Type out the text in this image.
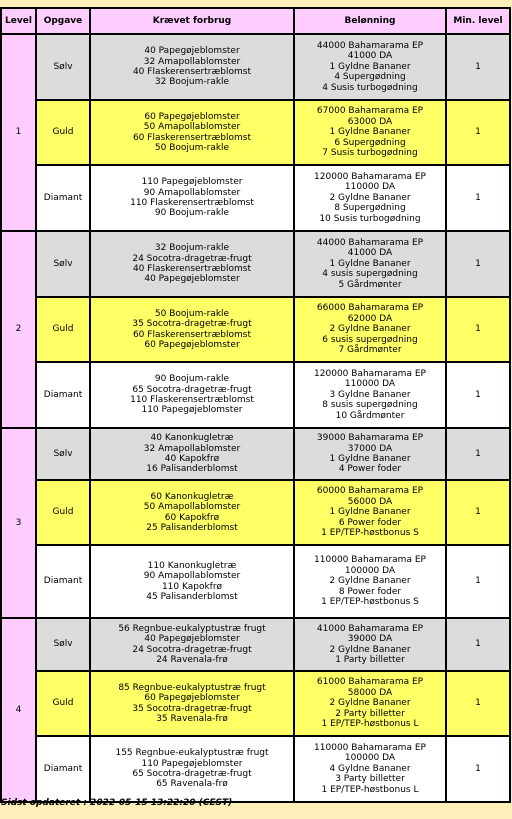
Level	Opgave	Krævet forbrug	Belønning	Min. level
1	Sølv	40 Papegøjeblomster
32 Amapollablomster
40 Flaskerensertræblomst
32 Boojum-rakle	44000 Bahamarama EP
41000 DA
1 Gyldne Bananer
4 Supergødning
4 Susis turbogødning	1
	Guld	60 Papegøjeblomster
50 Amapollablomster
60 Flaskerensertræblomst
50 Boojum-rakle	67000 Bahamarama EP
63000 DA
1 Gyldne Bananer
6 Supergødning
7 Susis turbogødning	1
	Diamant	110 Papegøjeblomster
90 Amapollablomster
110 Flaskerensertræblomst
90 Boojum-rakle	120000 Bahamarama EP
110000 DA
2 Gyldne Bananer
8 Supergødning
10 Susis turbogødning	1
2	Sølv	32 Boojum-rakle
24 Socotra-dragetræ-frugt
40 Flaskerensertræblomst
40 Papegøjeblomster	44000 Bahamarama EP
41000 DA
1 Gyldne Bananer
4 susis supergødning
5 Gårdmønter	1
	Guld	50 Boojum-rakle
35 Socotra-dragetræ-frugt
60 Flaskerensertræblomst
60 Papegøjeblomster	66000 Bahamarama EP
62000 DA
2 Gyldne Bananer
6 susis supergødning
7 Gårdmønter	1
	Diamant	90 Boojum-rakle
65 Socotra-dragetræ-frugt
110 Flaskerensertræblomst
110 Papegøjeblomster	120000 Bahamarama EP
110000 DA
3 Gyldne Bananer
8 susis supergødning
10 Gårdmønter	1
3	Sølv	40 Kanonkugletræ
32 Amapollablomster
40 Kapokfrø
16 Palisanderblomst	39000 Bahamarama EP
37000 DA
1 Gyldne Bananer
4 Power foder	1
	Guld	60 Kanonkugletræ
50 Amapollablomster
60 Kapokfrø
25 Palisanderblomst	60000 Bahamarama EP
56000 DA
1 Gyldne Bananer
6 Power foder
1 EP/TEP-høstbonus S	1
	Diamant	110 Kanonkugletræ
90 Amapollablomster
110 Kapokfrø
45 Palisanderblomst	110000 Bahamarama EP
100000 DA
2 Gyldne Bananer
8 Power foder
1 EP/TEP-høstbonus S	1
4	Sølv	56 Regnbue-eukalyptustræ frugt
40 Papegøjeblomster
24 Socotra-dragetræ-frugt
24 Ravenala-frø	41000 Bahamarama EP
39000 DA
2 Gyldne Bananer
1 Party billetter	1
	Guld	85 Regnbue-eukalyptustræ frugt
60 Papegøjeblomster
35 Socotra-dragetræ-frugt
35 Ravenala-frø	61000 Bahamarama EP
58000 DA
2 Gyldne Bananer
2 Party billetter
1 EP/TEP-høstbonus L	1
	Diamant	155 Regnbue-eukalyptustræ frugt
110 Papegøjeblomster
65 Socotra-dragetræ-frugt
65 Ravenala-frø	110000 Bahamarama EP
100000 DA
4 Gyldne Bananer
3 Party billetter
1 EP/TEP-høstbonus L	1
Sidst opdateret : 2022-05-15 13:22:20 (CEST)
